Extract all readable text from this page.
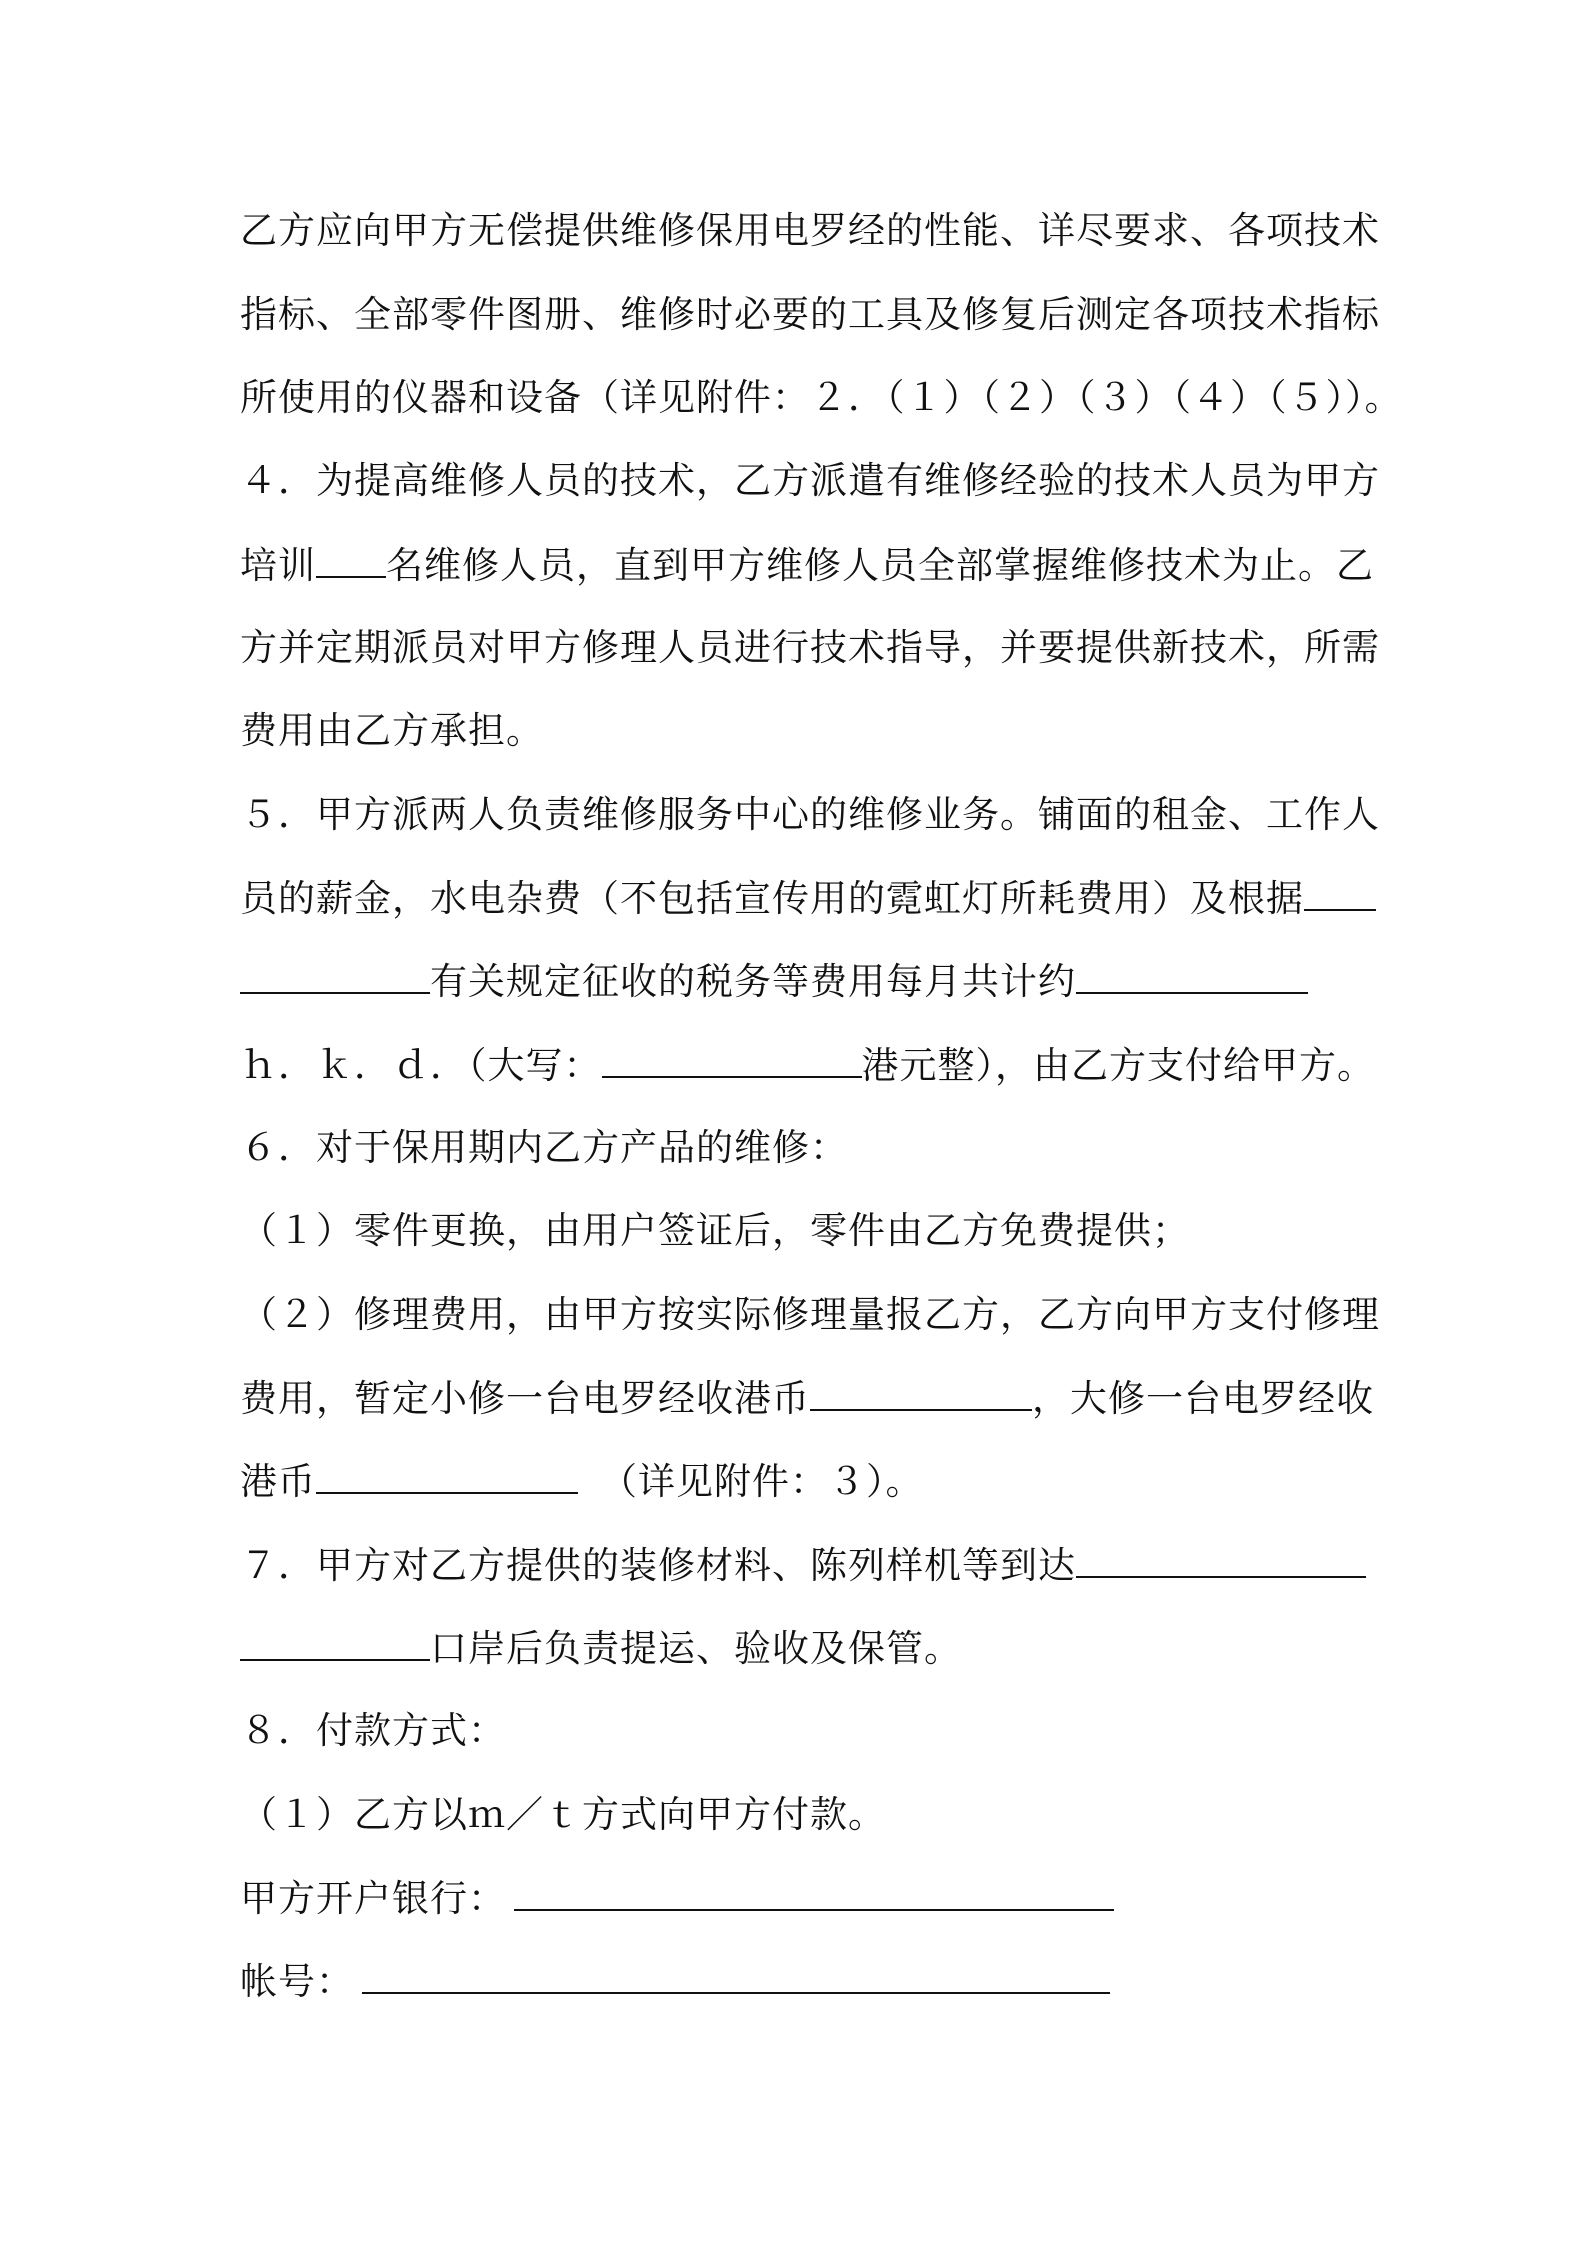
乙方应向甲方无偿提供维修保用电罗经的性能、详尽要求、各项技术
指标、全部零件图册、维修时必要的工具及修复后测定各项技术指标
所使用的仪器和设备（详见附件：２．（１）（２）（３）（４）（５））。
４．为提高维修人员的技术，乙方派遣有维修经验的技术人员为甲方
培训 名维修人员，直到甲方维修人员全部掌握维修技术为止。乙
方并定期派员对甲方修理人员进行技术指导，并要提供新技术，所需
费用由乙方承担。
５．甲方派两人负责维修服务中心的维修业务。铺面的租金、工作人
员的薪金，水电杂费（不包括宣传用的霓虹灯所耗费用）及根据
有关规定征收的税务等费用每月共计约
ｈ．ｋ．ｄ．（大写：	港元整），由乙方支付给甲方。
６．对于保用期内乙方产品的维修：
（１）零件更换，由用户签证后，零件由乙方免费提供；
（２）修理费用，由甲方按实际修理量报乙方，乙方向甲方支付修理
费用，暂定小修一台电罗经收港币	，大修一台电罗经收
港币	（详见附件：３）。
７．甲方对乙方提供的装修材料、陈列样机等到达
口岸后负责提运、验收及保管。
８．付款方式：
（１）乙方以ｍ／ｔ方式向甲方付款。
甲方开户银行：
帐号：
